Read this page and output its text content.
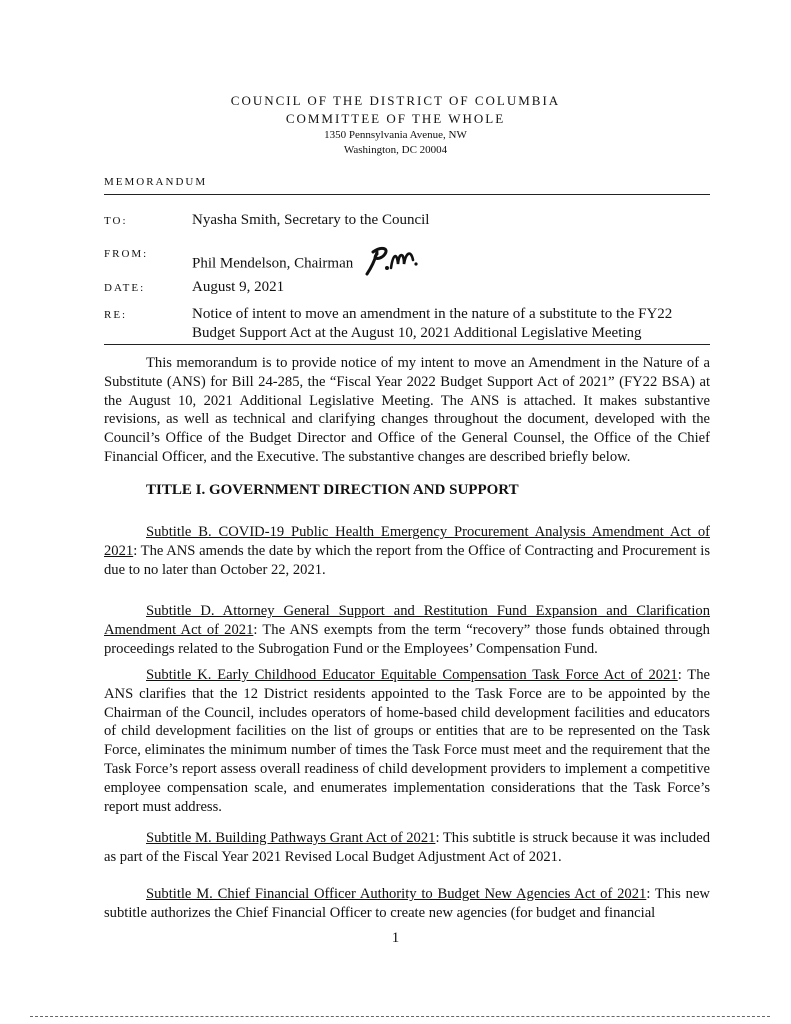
COUNCIL OF THE DISTRICT OF COLUMBIA
COMMITTEE OF THE WHOLE
1350 Pennsylvania Avenue, NW
Washington, DC 20004
MEMORANDUM
TO:	Nyasha Smith, Secretary to the Council
FROM:
Phil Mendelson, Chairman
DATE:	August 9, 2021
RE:	Notice of intent to move an amendment in the nature of a substitute to the FY22 Budget Support Act at the August 10, 2021 Additional Legislative Meeting
This memorandum is to provide notice of my intent to move an Amendment in the Nature of a Substitute (ANS) for Bill 24-285, the “Fiscal Year 2022 Budget Support Act of 2021” (FY22 BSA) at the August 10, 2021 Additional Legislative Meeting. The ANS is attached. It makes substantive revisions, as well as technical and clarifying changes throughout the document, developed with the Council’s Office of the Budget Director and Office of the General Counsel, the Office of the Chief Financial Officer, and the Executive. The substantive changes are described briefly below.
TITLE I. GOVERNMENT DIRECTION AND SUPPORT
Subtitle B. COVID-19 Public Health Emergency Procurement Analysis Amendment Act of 2021: The ANS amends the date by which the report from the Office of Contracting and Procurement is due to no later than October 22, 2021.
Subtitle D. Attorney General Support and Restitution Fund Expansion and Clarification Amendment Act of 2021: The ANS exempts from the term “recovery” those funds obtained through proceedings related to the Subrogation Fund or the Employees’ Compensation Fund.
Subtitle K. Early Childhood Educator Equitable Compensation Task Force Act of 2021: The ANS clarifies that the 12 District residents appointed to the Task Force are to be appointed by the Chairman of the Council, includes operators of home-based child development facilities and educators of child development facilities on the list of groups or entities that are to be represented on the Task Force, eliminates the minimum number of times the Task Force must meet and the requirement that the Task Force’s report assess overall readiness of child development providers to implement a competitive employee compensation scale, and enumerates implementation considerations that the Task Force’s report must address.
Subtitle M. Building Pathways Grant Act of 2021: This subtitle is struck because it was included as part of the Fiscal Year 2021 Revised Local Budget Adjustment Act of 2021.
Subtitle M. Chief Financial Officer Authority to Budget New Agencies Act of 2021: This new subtitle authorizes the Chief Financial Officer to create new agencies (for budget and financial
1
